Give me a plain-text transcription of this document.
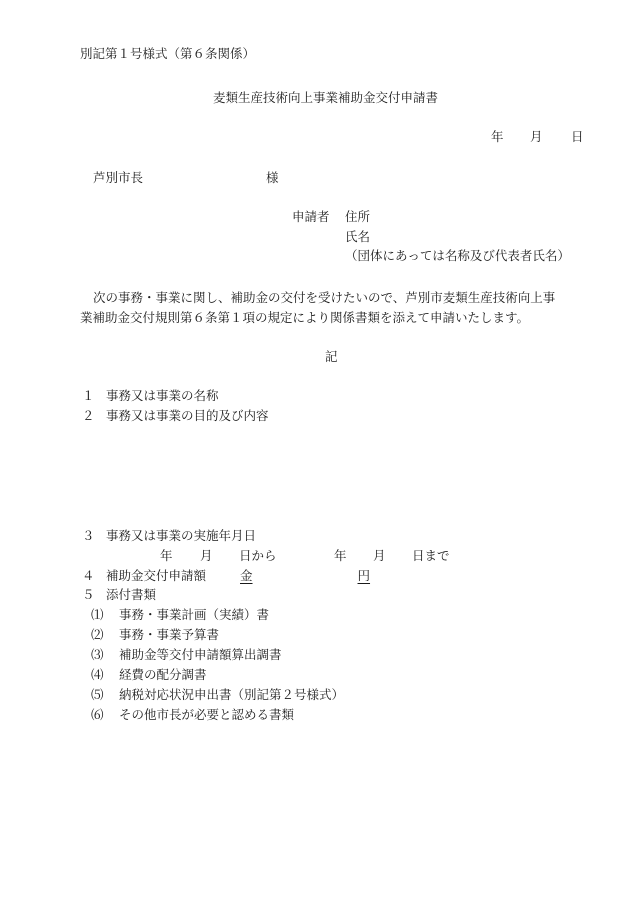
別記第１号様式（第６条関係）
麦類生産技術向上事業補助金交付申請書
年 月 日
芦別市長	様
申請者 住所
氏名
（団体にあっては名称及び代表者氏名）
次の事務・事業に関し、補助金の交付を受けたいので、芦別市麦類生産技術向上事
業補助金交付規則第６条第１項の規定により関係書類を添えて申請いたします。
記
１ 事務又は事業の名称
２ 事務又は事業の目的及び内容
３ 事務又は事業の実施年月日
年 月 日から	年 月 日まで
４ 補助金交付申請額	金	円
５ 添付書類
⑴ 事務・事業計画（実績）書
⑵ 事務・事業予算書
⑶ 補助金等交付申請額算出調書
⑷ 経費の配分調書
⑸ 納税対応状況申出書（別記第２号様式）
⑹ その他市長が必要と認める書類
